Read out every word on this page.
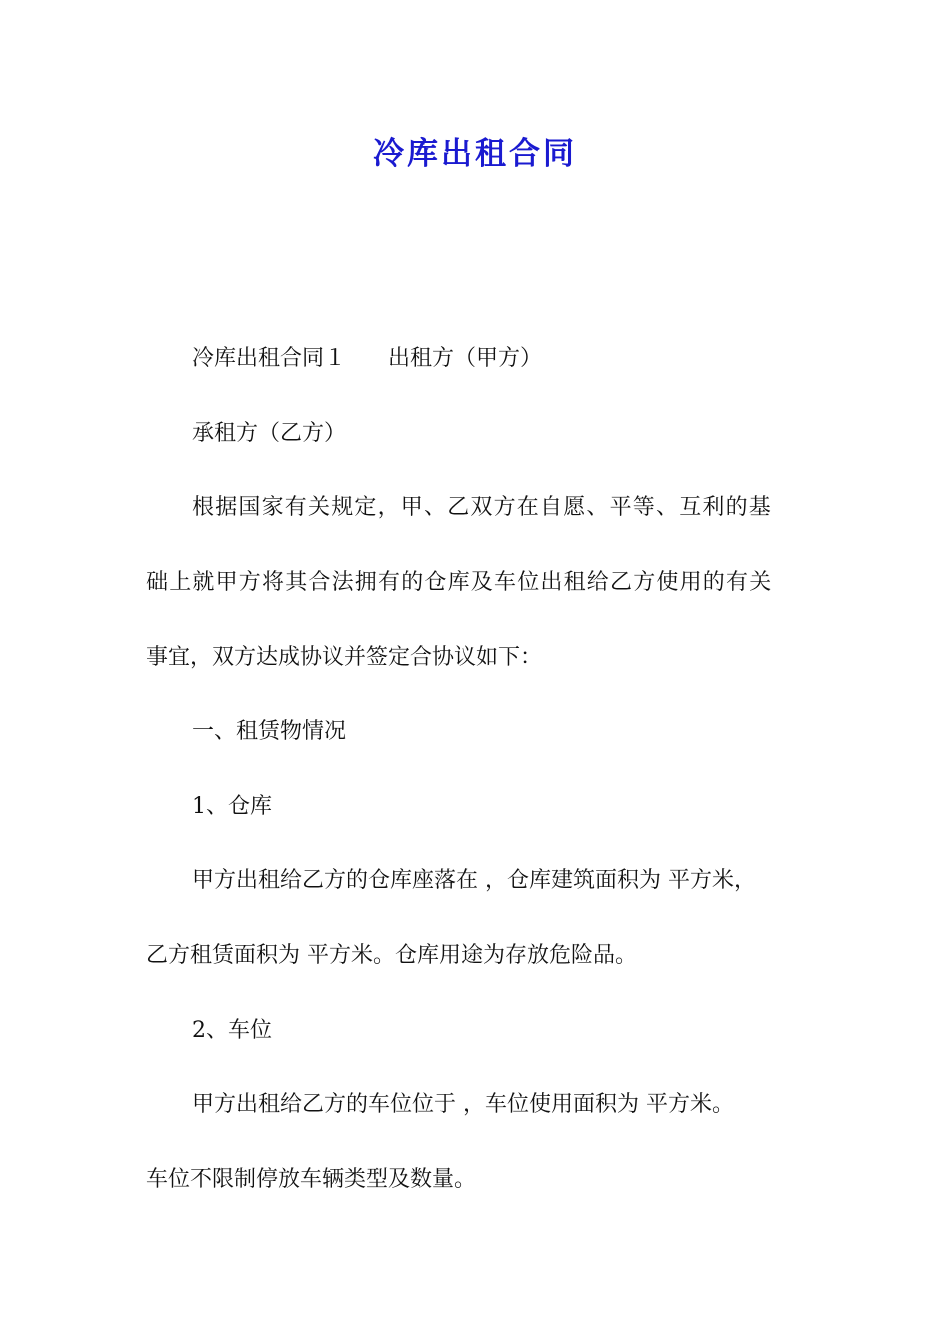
冷库出租合同

冷库出租合同１ 出租方（甲方）

承租方（乙方）

根据国家有关规定，甲、乙双方在自愿、平等、互利的基

础上就甲方将其合法拥有的仓库及车位出租给乙方使用的有关

事宜，双方达成协议并签定合协议如下：

一、租赁物情况

1、仓库

甲方出租给乙方的仓库座落在 ，仓库建筑面积为 平方米，

乙方租赁面积为 平方米。仓库用途为存放危险品。

2、车位

甲方出租给乙方的车位位于 ，车位使用面积为 平方米。

车位不限制停放车辆类型及数量。
